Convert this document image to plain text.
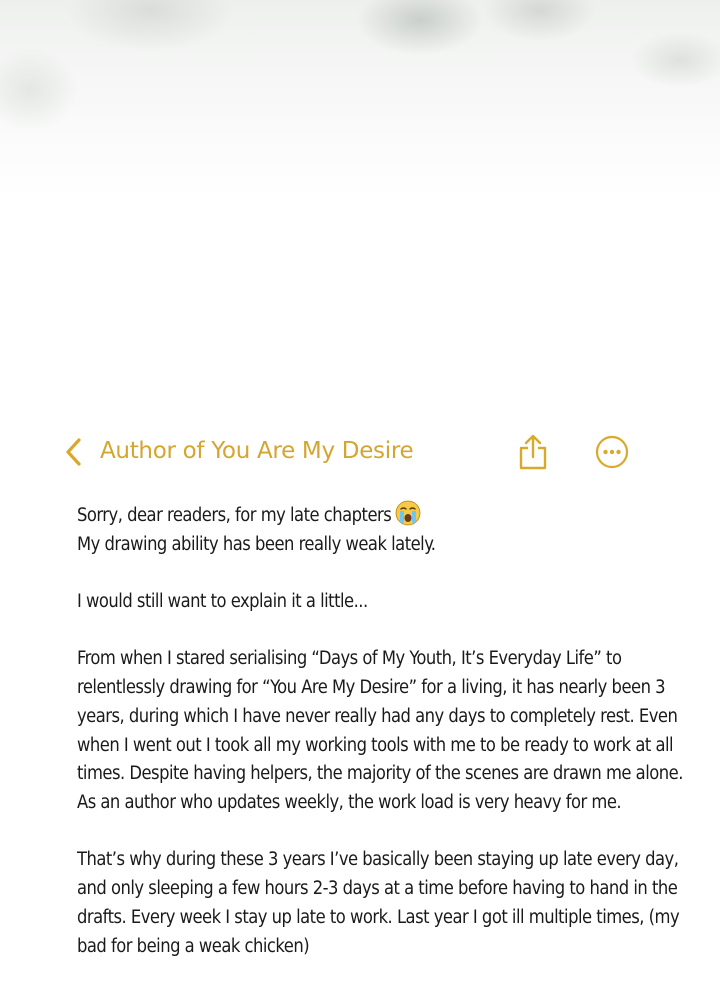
Author of You Are My Desire

Sorry, dear readers, for my late chapters

My drawing ability has been really weak lately.

I would still want to explain it a little...

From when I stared serialising “Days of My Youth, It’s Everyday Life” to relentlessly drawing for “You Are My Desire” for a living, it has nearly been 3 years, during which I have never really had any days to completely rest. Even when I went out I took all my working tools with me to be ready to work at all times. Despite having helpers, the majority of the scenes are drawn me alone. As an author who updates weekly, the work load is very heavy for me.

That’s why during these 3 years I’ve basically been staying up late every day, and only sleeping a few hours 2-3 days at a time before having to hand in the drafts. Every week I stay up late to work. Last year I got ill multiple times, (my bad for being a weak chicken)
